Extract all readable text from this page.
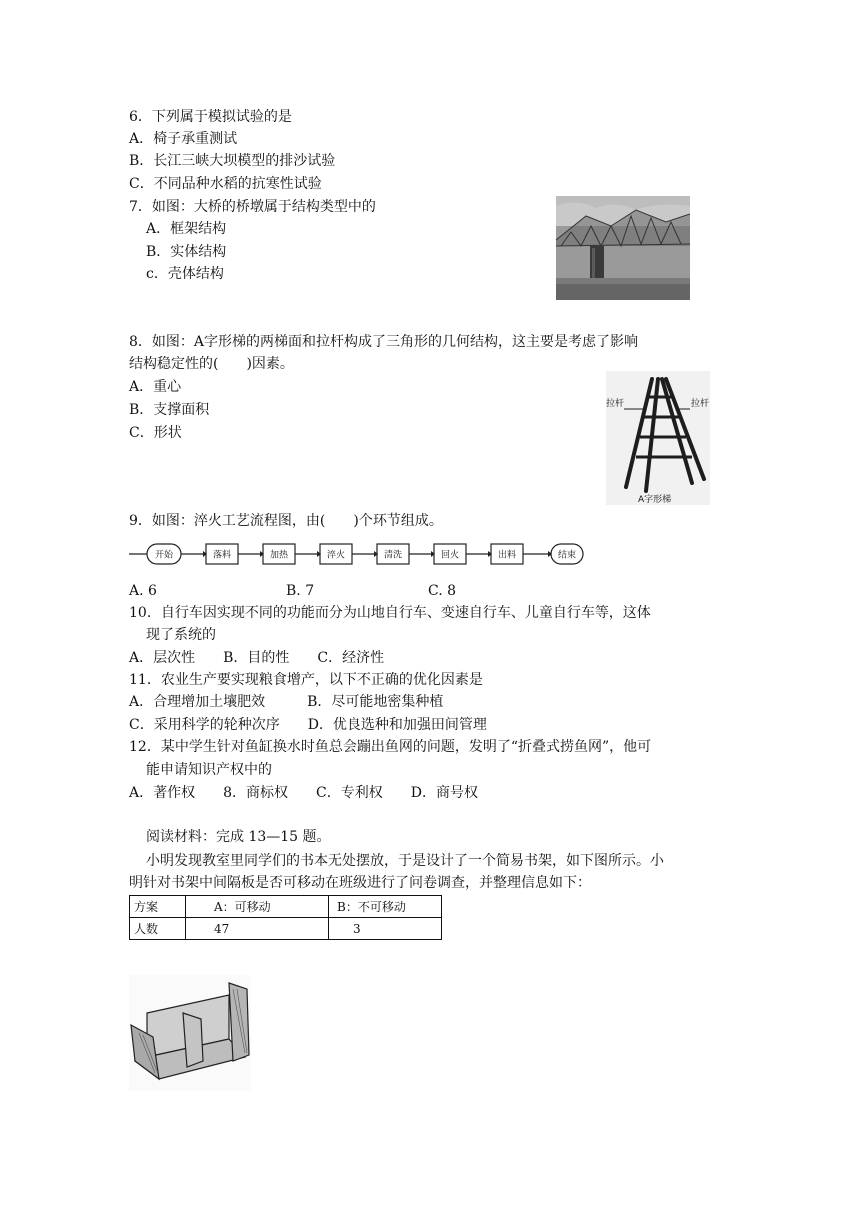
6．下列属于模拟试验的是
A．椅子承重测试
B．长江三峡大坝模型的排沙试验
C．不同品种水稻的抗寒性试验
7．如图：大桥的桥墩属于结构类型中的
A．框架结构
B．实体结构
c．壳体结构
8．如图：A字形梯的两梯面和拉杆构成了三角形的几何结构，这主要是考虑了影响
结构稳定性的(　　)因素。
A．重心
B．支撑面积
C．形状
拉杆	拉杆
A字形梯
9．如图：淬火工艺流程图，由(　　)个环节组成。
开始	落料	加热	淬火	清洗	回火	出料	结束
A. 6	B. 7	C. 8
10．自行车因实现不同的功能而分为山地自行车、变速自行车、儿童自行车等，这体
现了系统的
A．层次性　　B．目的性　　C．经济性
11．农业生产要实现粮食增产，以下不正确的优化因素是
A．合理增加土壤肥效　　　B．尽可能地密集种植
C．采用科学的轮种次序　　D．优良选种和加强田间管理
12．某中学生针对鱼缸换水时鱼总会蹦出鱼网的问题，发明了“折叠式捞鱼网”，他可
能申请知识产权中的
A．著作权　　8．商标权　　C．专利权　　D．商号权
阅读材料：完成 13—15 题。
小明发现教室里同学们的书本无处摆放，于是设计了一个简易书架，如下图所示。小
明针对书架中间隔板是否可移动在班级进行了问卷调查，并整理信息如下：
方案	A：可移动	B：不可移动
人数	47	3
